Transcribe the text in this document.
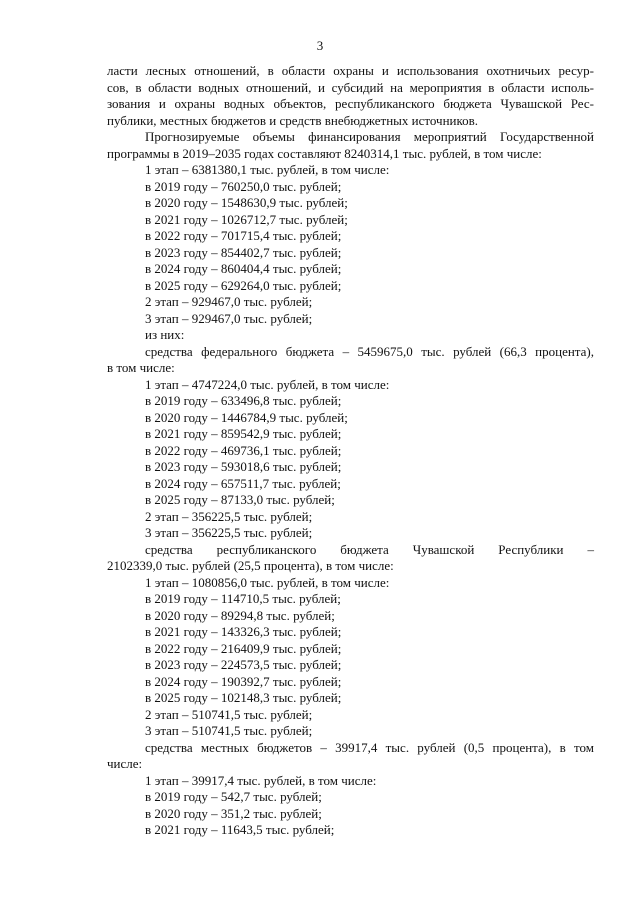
3
ласти лесных отношений, в области охраны и использования охотничьих ресур-
сов, в области водных отношений, и субсидий на мероприятия в области исполь-
зования и охраны водных объектов, республиканского бюджета Чувашской Рес-
публики, местных бюджетов и средств внебюджетных источников.
Прогнозируемые объемы финансирования мероприятий Государственной
программы в 2019–2035 годах составляют 8240314,1 тыс. рублей, в том числе:
1 этап – 6381380,1 тыс. рублей, в том числе:
в 2019 году – 760250,0 тыс. рублей;
в 2020 году – 1548630,9 тыс. рублей;
в 2021 году – 1026712,7 тыс. рублей;
в 2022 году – 701715,4 тыс. рублей;
в 2023 году – 854402,7 тыс. рублей;
в 2024 году – 860404,4 тыс. рублей;
в 2025 году – 629264,0 тыс. рублей;
2 этап – 929467,0 тыс. рублей;
3 этап – 929467,0 тыс. рублей;
из них:
средства федерального бюджета – 5459675,0 тыс. рублей (66,3 процента),
в том числе:
1 этап – 4747224,0 тыс. рублей, в том числе:
в 2019 году – 633496,8 тыс. рублей;
в 2020 году – 1446784,9 тыс. рублей;
в 2021 году – 859542,9 тыс. рублей;
в 2022 году – 469736,1 тыс. рублей;
в 2023 году – 593018,6 тыс. рублей;
в 2024 году – 657511,7 тыс. рублей;
в 2025 году – 87133,0 тыс. рублей;
2 этап – 356225,5 тыс. рублей;
3 этап – 356225,5 тыс. рублей;
средства республиканского бюджета Чувашской Республики –
2102339,0 тыс. рублей (25,5 процента), в том числе:
1 этап – 1080856,0 тыс. рублей, в том числе:
в 2019 году – 114710,5 тыс. рублей;
в 2020 году – 89294,8 тыс. рублей;
в 2021 году – 143326,3 тыс. рублей;
в 2022 году – 216409,9 тыс. рублей;
в 2023 году – 224573,5 тыс. рублей;
в 2024 году – 190392,7 тыс. рублей;
в 2025 году – 102148,3 тыс. рублей;
2 этап – 510741,5 тыс. рублей;
3 этап – 510741,5 тыс. рублей;
средства местных бюджетов – 39917,4 тыс. рублей (0,5 процента), в том
числе:
1 этап – 39917,4 тыс. рублей, в том числе:
в 2019 году – 542,7 тыс. рублей;
в 2020 году – 351,2 тыс. рублей;
в 2021 году – 11643,5 тыс. рублей;
